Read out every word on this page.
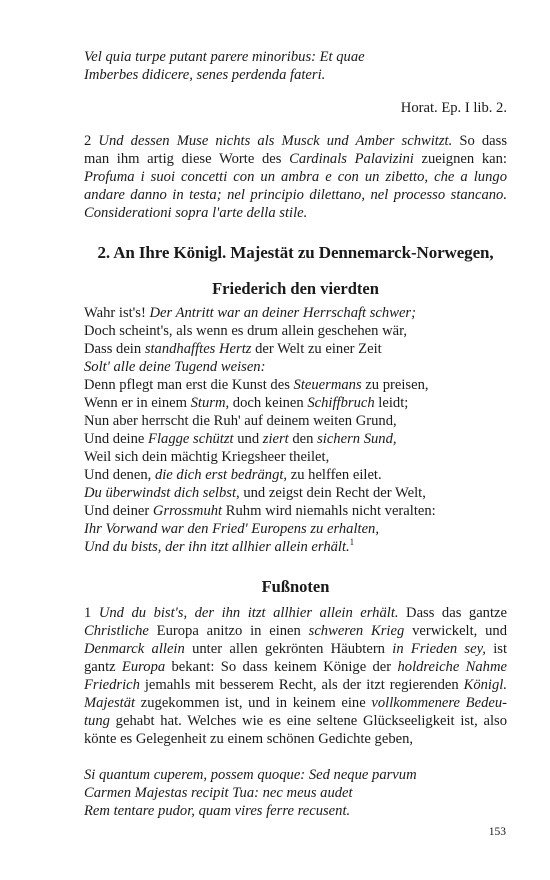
Vel quia turpe putant parere minoribus: Et quae

Imberbes didicere, senes perdenda fateri.

Horat. Ep. I lib. 2.

2 Und dessen Muse nichts als Musck und Amber schwitzt. So dass

man ihm artig diese Worte des Cardinals Palavizini zueignen kan:

Profuma i suoi concetti con un ambra e con un zibetto, che a lungo

andare danno in testa; nel principio dilettano, nel processo stancano.

Considerationi sopra l'arte della stile.

2. An Ihre Königl. Majestät zu Dennemarck-Norwegen,
Friederich den vierdten

Wahr ist's! Der Antritt war an deiner Herrschaft schwer;

Doch scheint's, als wenn es drum allein geschehen wär,

Dass dein standhafftes Hertz der Welt zu einer Zeit

Solt' alle deine Tugend weisen:

Denn pflegt man erst die Kunst des Steuermans zu preisen,

Wenn er in einem Sturm, doch keinen Schiffbruch leidt;

Nun aber herrscht die Ruh' auf deinem weiten Grund,

Und deine Flagge schützt und ziert den sichern Sund,

Weil sich dein mächtig Kriegsheer theilet,

Und denen, die dich erst bedrängt, zu helffen eilet.

Du überwindst dich selbst, und zeigst dein Recht der Welt,

Und deiner Grrossmuht Ruhm wird niemahls nicht veralten:

Ihr Vorwand war den Fried' Europens zu erhalten,

Und du bists, der ihn itzt allhier allein erhält.$^1$

Fußnoten

1 Und du bist's, der ihn itzt allhier allein erhält. Dass das gantze

Christliche Europa anitzo in einen schweren Krieg verwickelt, und

Denmarck allein unter allen gekrönten Häubtern in Frieden sey, ist

gantz Europa bekant: So dass keinem Könige der holdreiche Nahme

Friedrich jemahls mit besserem Recht, als der itzt regierenden Königl.

Majestät zugekommen ist, und in keinem eine vollkommenere Bedeu-

tung gehabt hat. Welches wie es eine seltene Glückseeligkeit ist, also

könte es Gelegenheit zu einem schönen Gedichte geben,

Si quantum cuperem, possem quoque: Sed neque parvum

Carmen Majestas recipit Tua: nec meus audet

Rem tentare pudor, quam vires ferre recusent.

153
